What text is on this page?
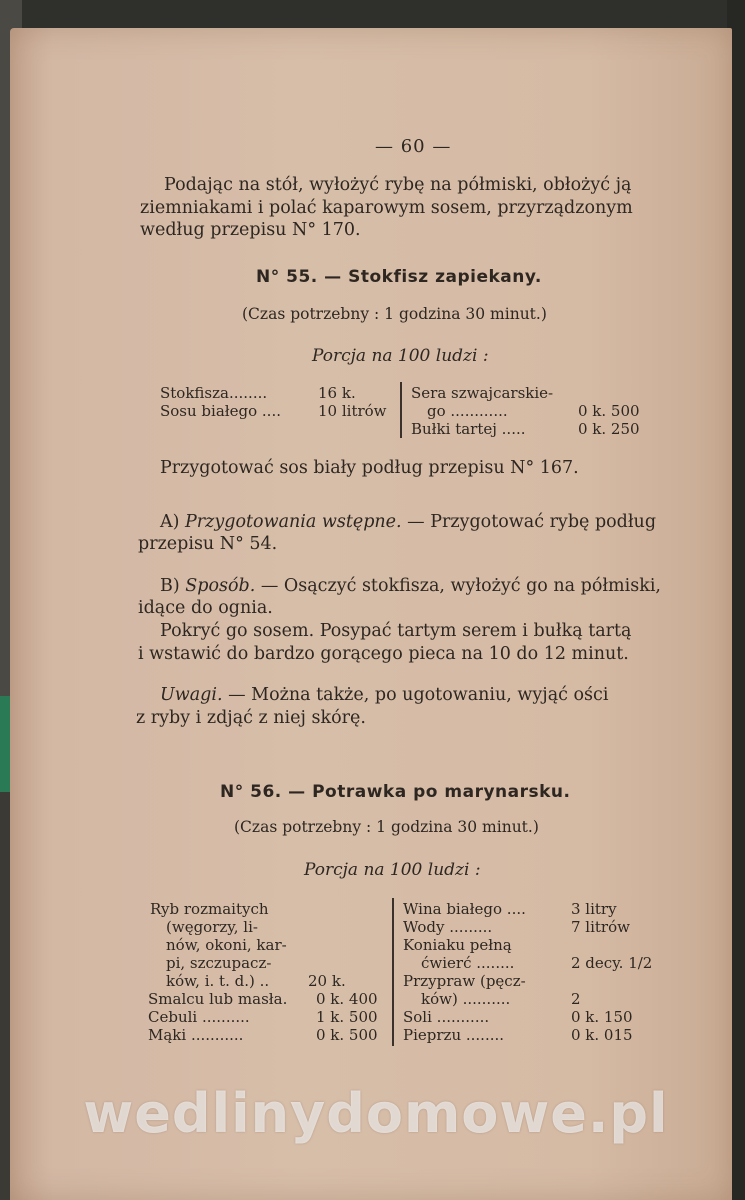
— 60 —
Podając na stół, wyłożyć rybę na półmiski, obłożyć ją
ziemniakami i polać kaparowym sosem, przyrządzonym
według przepisu N° 170.
N° 55. — Stokfisz zapiekany.
(Czas potrzebny : 1 godzina 30 minut.)
Porcja na 100 ludzi :
Stokfisza........	16 k.
Sosu białego .... 10 litrów
Sera szwajcarskie-
go ............	0 k. 500
Bułki tartej .....	0 k. 250
Przygotować sos biały podług przepisu N° 167.
A) Przygotowania wstępne. — Przygotować rybę podług
przepisu N° 54.
B) Sposób. — Osączyć stokfisza, wyłożyć go na półmiski,
idące do ognia.
Pokryć go sosem. Posypać tartym serem i bułką tartą
i wstawić do bardzo gorącego pieca na 10 do 12 minut.
Uwagi. — Można także, po ugotowaniu, wyjąć ości
z ryby i zdjąć z niej skórę.
N° 56. — Potrawka po marynarsku.
(Czas potrzebny : 1 godzina 30 minut.)
Porcja na 100 ludzi :
Ryb rozmaitych
(węgorzy, li-
nów, okoni, kar-
pi, szczupacz-
ków, i. t. d.) ..	20 k.
Smalcu lub masła. 0 k. 400
Cebuli ..........	1 k. 500
Mąki ...........	0 k. 500
Wina białego ....	3 litry
Wody .........	7 litrów
Koniaku pełną
ćwierć ........	2 decy. 1/2
Przypraw (pęcz-
ków) ..........	2
Soli ...........	0 k. 150
Pieprzu ........	0 k. 015
wedlinydomowe.pl
